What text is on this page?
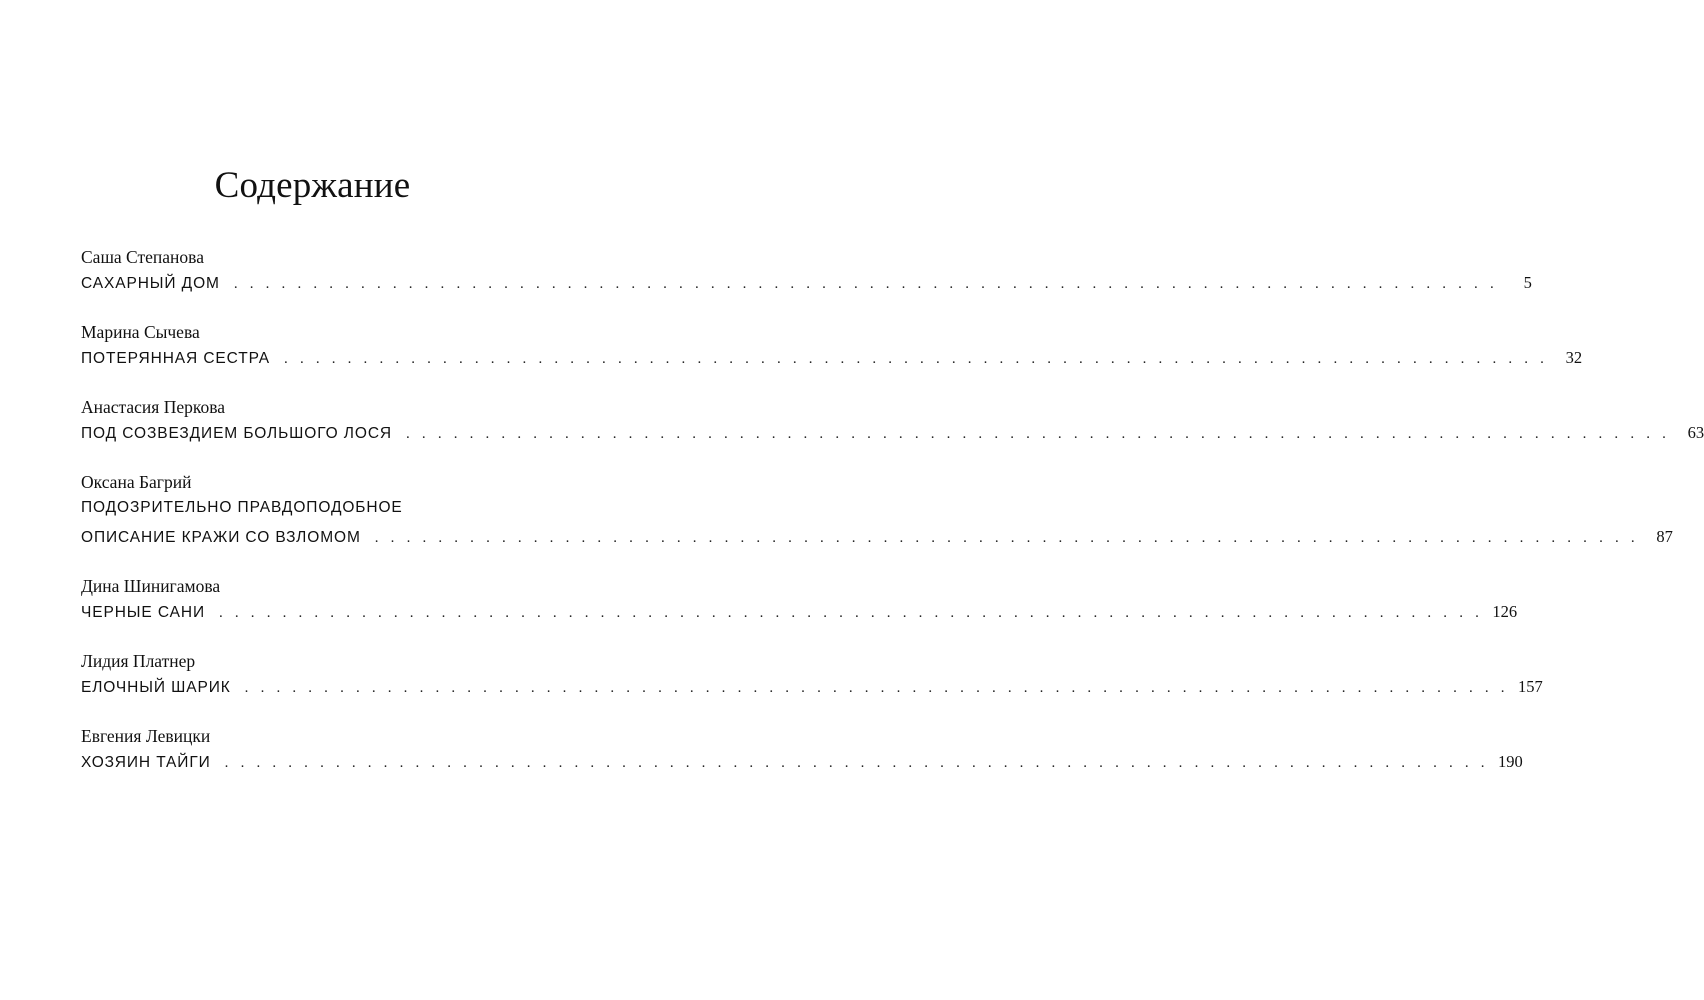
Содержание
Саша Степанова
САХАРНЫЙ ДОМ . . . . . . . . . . . . . . . . . . . . . . . . . . . . . . . . . . . . . . . . . . . . . . . . . . . . . . . . . . . . . . . . . . . . . . . . . . . . . . . .	5
Марина Сычева
ПОТЕРЯННАЯ СЕСТРА . . . . . . . . . . . . . . . . . . . . . . . . . . . . . . . . . . . . . . . . . . . . . . . . . . . . . . . . . . . . . . . . . . . . . . . . . . . . . . . .	32
Анастасия Перкова
ПОД СОЗВЕЗДИЕМ БОЛЬШОГО ЛОСЯ . . . . . . . . . . . . . . . . . . . . . . . . . . . . . . . . . . . . . . . . . . . . . . . . . . . . . . . . . . . . . . . . . . . . . . . . . . . . . . . .	63
Оксана Багрий
ПОДОЗРИТЕЛЬНО ПРАВДОПОДОБНОЕ
ОПИСАНИЕ КРАЖИ СО ВЗЛОМОМ . . . . . . . . . . . . . . . . . . . . . . . . . . . . . . . . . . . . . . . . . . . . . . . . . . . . . . . . . . . . . . . . . . . . . . . . . . . . . . . .	87
Дина Шинигамова
ЧЕРНЫЕ САНИ . . . . . . . . . . . . . . . . . . . . . . . . . . . . . . . . . . . . . . . . . . . . . . . . . . . . . . . . . . . . . . . . . . . . . . . . . . . . . . . . 126
Лидия Платнер
ЕЛОЧНЫЙ ШАРИК . . . . . . . . . . . . . . . . . . . . . . . . . . . . . . . . . . . . . . . . . . . . . . . . . . . . . . . . . . . . . . . . . . . . . . . . . . . . . . . . 157
Евгения Левицки
ХОЗЯИН ТАЙГИ . . . . . . . . . . . . . . . . . . . . . . . . . . . . . . . . . . . . . . . . . . . . . . . . . . . . . . . . . . . . . . . . . . . . . . . . . . . . . . . . 190
